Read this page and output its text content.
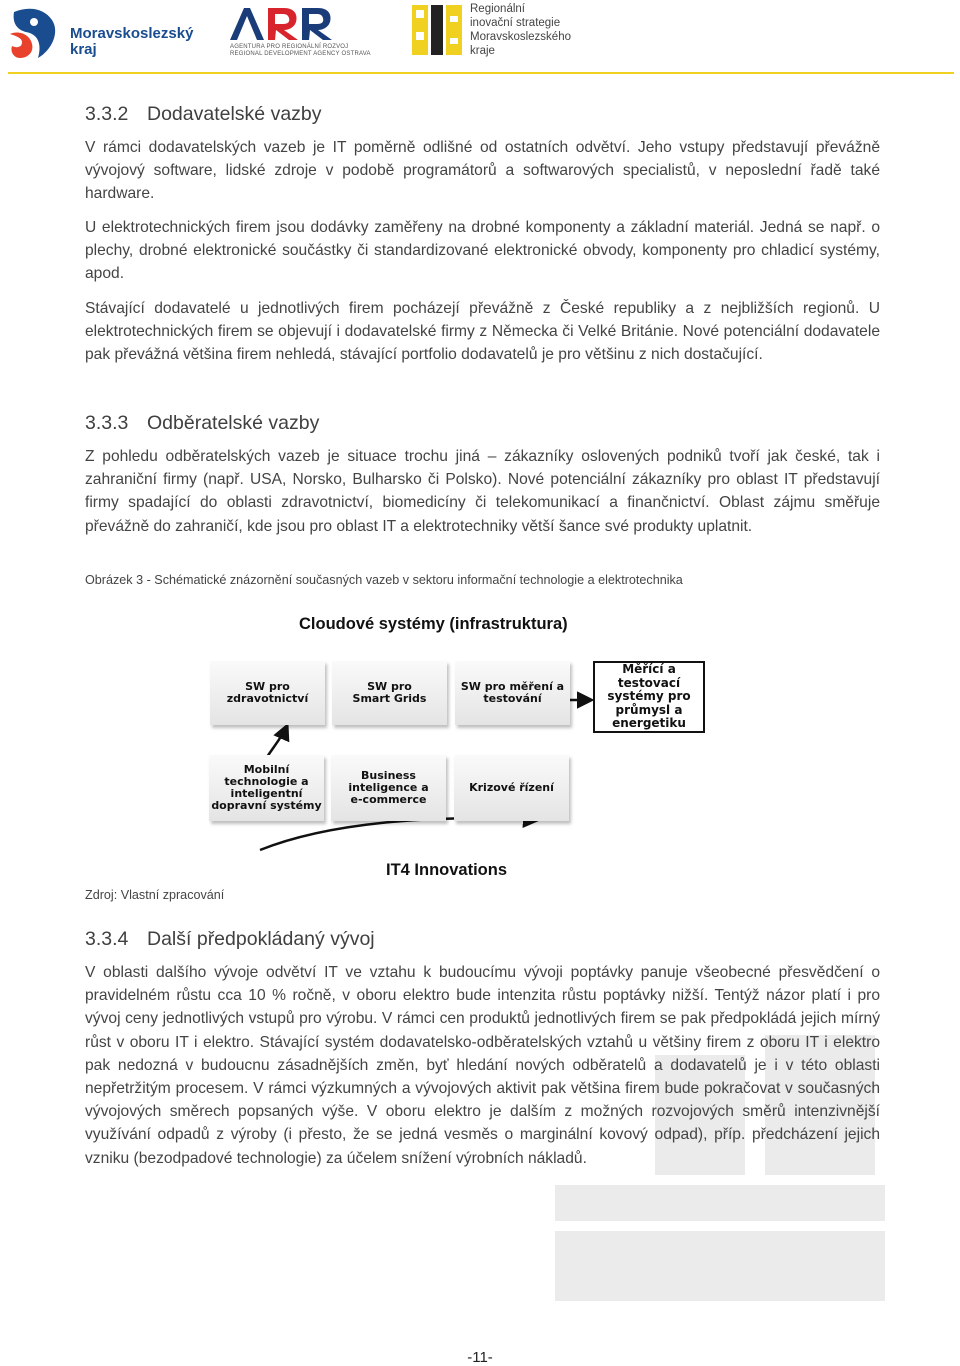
Moravskoslezský
kraj	AGENTURA PRO REGIONÁLNÍ ROZVOJ
REGIONAL DEVELOPMENT AGENCY OSTRAVA
Regionální
inovační strategie
Moravskoslezského
kraje
3.3.2 Dodavatelské vazby

V rámci dodavatelských vazeb je IT poměrně odlišné od ostatních odvětví. Jeho vstupy představují převážně vývojový software, lidské zdroje v podobě programátorů a softwarových specialistů, v neposlední řadě také hardware.

U elektrotechnických firem jsou dodávky zaměřeny na drobné komponenty a základní materiál. Jedná se např. o plechy, drobné elektronické součástky či standardizované elektronické obvody, komponenty pro chladicí systémy, apod.

Stávající dodavatelé u jednotlivých firem pocházejí převážně z České republiky a z nejbližších regionů. U elektrotechnických firem se objevují i dodavatelské firmy z Německa či Velké Británie. Nové potenciální dodavatele pak převážná většina firem nehledá, stávající portfolio dodavatelů je pro většinu z nich dostačující.

3.3.3 Odběratelské vazby

Z pohledu odběratelských vazeb je situace trochu jiná – zákazníky oslovených podniků tvoří jak české, tak i zahraniční firmy (např. USA, Norsko, Bulharsko či Polsko). Nové potenciální zákazníky pro oblast IT představují firmy spadající do oblasti zdravotnictví, biomedicíny či telekomunikací a finančnictví. Oblast zájmu směřuje převážně do zahraničí, kde jsou pro oblast IT a elektrotechniky větší šance své produkty uplatnit.

Obrázek 3 - Schématické znázornění současných vazeb v sektoru informační technologie a elektrotechnika
Zdroj: Vlastní zpracování
3.3.4 Další předpokládaný vývoj

V oblasti dalšího vývoje odvětví IT ve vztahu k budoucímu vývoji poptávky panuje všeobecné přesvědčení o pravidelném růstu cca 10 % ročně, v oboru elektro bude intenzita růstu poptávky nižší. Tentýž názor platí i pro vývoj ceny jednotlivých vstupů pro výrobu. V rámci cen produktů jednotlivých firem se pak předpokládá jejich mírný růst v oboru IT i elektro. Stávající systém dodavatelsko-odběratelských vztahů u většiny firem z oboru IT i elektro pak nedozná v budoucnu zásadnějších změn, byť hledání nových odběratelů a dodavatelů je i v této oblasti nepřetržitým procesem. V rámci výzkumných a vývojových aktivit pak většina firem bude pokračovat v současných vývojových směrech popsaných výše. V oboru elektro je dalším z možných rozvojových směrů intenzivnější využívání odpadů z výroby (i přesto, že se jedná vesměs o marginální kovový odpad), příp. předcházení jejich vzniku (bezodpadové technologie) za účelem snížení výrobních nákladů.

Cloudové systémy (infrastruktura)
SW pro
zdravotnictví
SW pro
Smart Grids
SW pro měření a
testování
Měřící a
testovací
systémy pro
průmysl a
energetiku
Mobilní
technologie a
inteligentní
dopravní systémy
Business
inteligence a
e-commerce
Krizové řízení
IT4 Innovations
-11-
